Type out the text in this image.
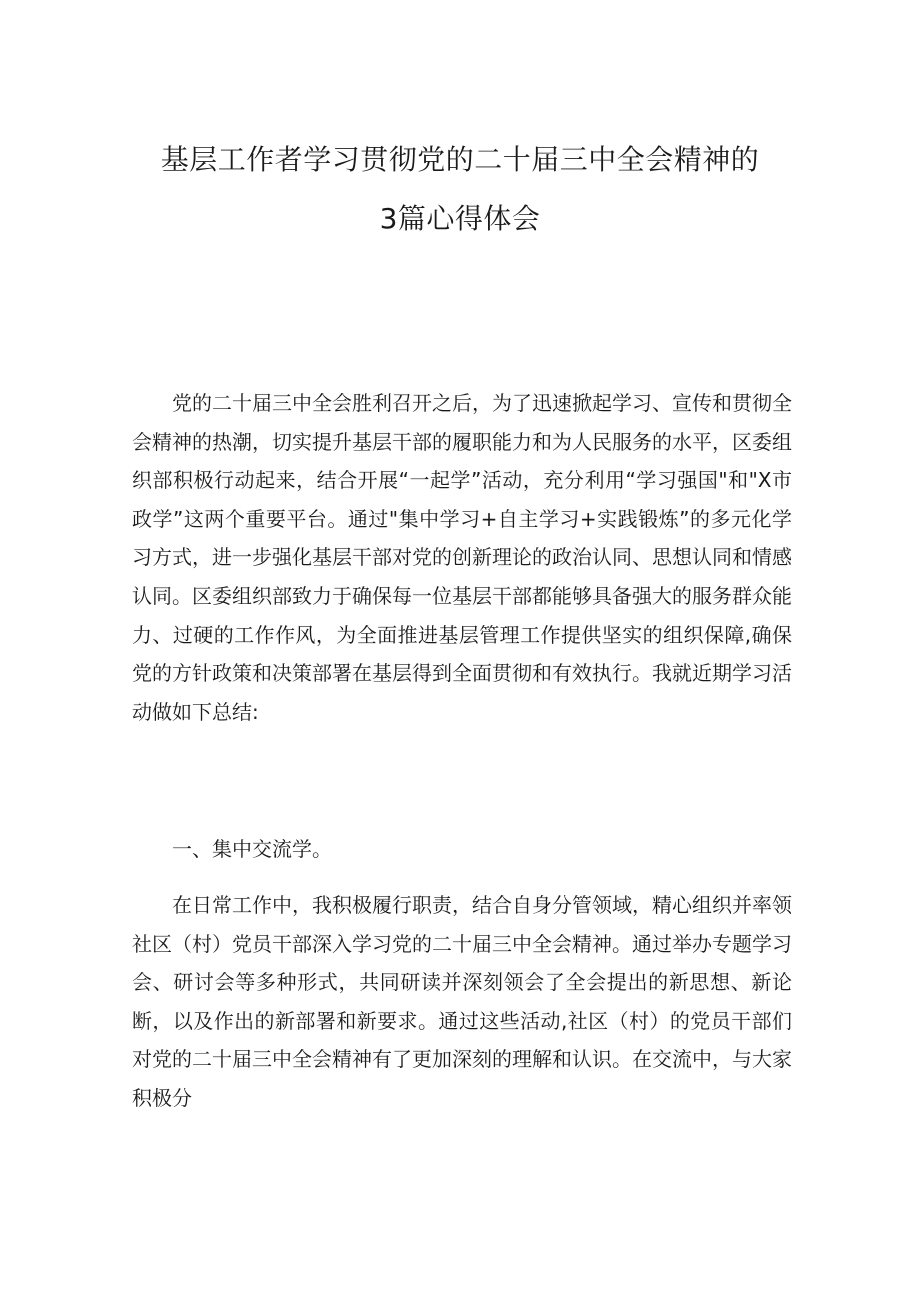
基层工作者学习贯彻党的二十届三中全会精神的
3篇心得体会
党的二十届三中全会胜利召开之后，为了迅速掀起学习、宣传和贯彻全会精神的热潮，切实提升基层干部的履职能力和为人民服务的水平，区委组织部积极行动起来，结合开展“一起学”活动，充分利用“学习强国"和"X市政学”这两个重要平台。通过"集中学习+自主学习+实践锻炼”的多元化学习方式，进一步强化基层干部对党的创新理论的政治认同、思想认同和情感认同。区委组织部致力于确保每一位基层干部都能够具备强大的服务群众能力、过硬的工作作风，为全面推进基层管理工作提供坚实的组织保障,确保党的方针政策和决策部署在基层得到全面贯彻和有效执行。我就近期学习活动做如下总结:
一、集中交流学。
在日常工作中，我积极履行职责，结合自身分管领域，精心组织并率领社区（村）党员干部深入学习党的二十届三中全会精神。通过举办专题学习会、研讨会等多种形式，共同研读并深刻领会了全会提出的新思想、新论断，以及作出的新部署和新要求。通过这些活动,社区（村）的党员干部们对党的二十届三中全会精神有了更加深刻的理解和认识。在交流中，与大家积极分
